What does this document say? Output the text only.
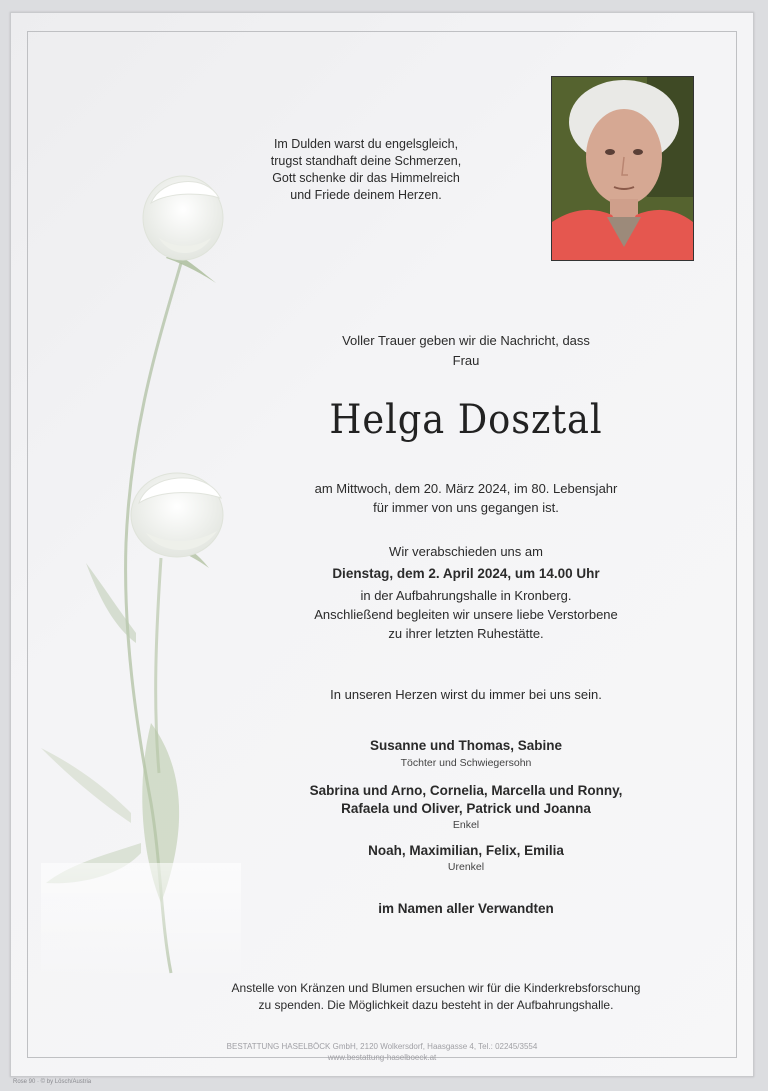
Im Dulden warst du engelsgleich,
trugst standhaft deine Schmerzen,
Gott schenke dir das Himmelreich
und Friede deinem Herzen.
Voller Trauer geben wir die Nachricht, dass
Frau
Helga Dosztal
am Mittwoch, dem 20. März 2024, im 80. Lebensjahr
für immer von uns gegangen ist.
Wir verabschieden uns am
Dienstag, dem 2. April 2024, um 14.00 Uhr
in der Aufbahrungshalle in Kronberg.
Anschließend begleiten wir unsere liebe Verstorbene
zu ihrer letzten Ruhestätte.
In unseren Herzen wirst du immer bei uns sein.
Susanne und Thomas, Sabine
Töchter und Schwiegersohn
Sabrina und Arno, Cornelia, Marcella und Ronny,
Rafaela und Oliver, Patrick und Joanna
Enkel
Noah, Maximilian, Felix, Emilia
Urenkel
im Namen aller Verwandten
Anstelle von Kränzen und Blumen ersuchen wir für die Kinderkrebsforschung
zu spenden. Die Möglichkeit dazu besteht in der Aufbahrungshalle.
BESTATTUNG HASELBÖCK GmbH, 2120 Wolkersdorf, Haasgasse 4, Tel.: 02245/3554
www.bestattung-haselboeck.at
Rose 90 · © by Lösch/Austria
